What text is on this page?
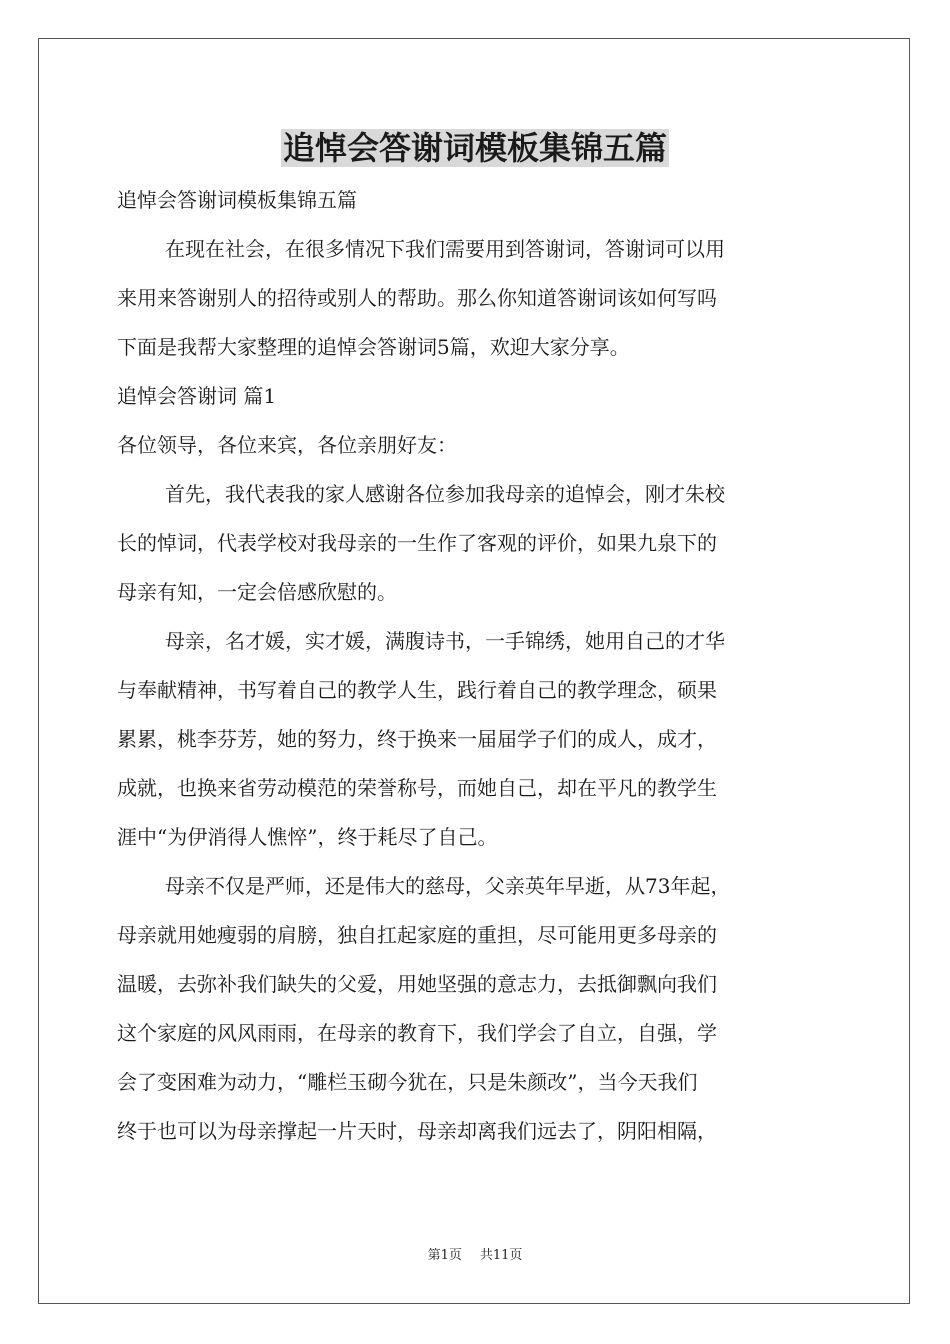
追悼会答谢词模板集锦五篇
追悼会答谢词模板集锦五篇
在现在社会，在很多情况下我们需要用到答谢词，答谢词可以用
来用来答谢别人的招待或别人的帮助。那么你知道答谢词该如何写吗
下面是我帮大家整理的追悼会答谢词5篇，欢迎大家分享。
追悼会答谢词 篇1
各位领导，各位来宾，各位亲朋好友：
首先，我代表我的家人感谢各位参加我母亲的追悼会，刚才朱校
长的悼词，代表学校对我母亲的一生作了客观的评价，如果九泉下的
母亲有知，一定会倍感欣慰的。
母亲，名才媛，实才媛，满腹诗书，一手锦绣，她用自己的才华
与奉献精神，书写着自己的教学人生，践行着自己的教学理念，硕果
累累，桃李芬芳，她的努力，终于换来一届届学子们的成人，成才，
成就，也换来省劳动模范的荣誉称号，而她自己，却在平凡的教学生
涯中“为伊消得人憔悴”，终于耗尽了自己。
母亲不仅是严师，还是伟大的慈母，父亲英年早逝，从73年起，
母亲就用她瘦弱的肩膀，独自扛起家庭的重担，尽可能用更多母亲的
温暖，去弥补我们缺失的父爱，用她坚强的意志力，去抵御飘向我们
这个家庭的风风雨雨，在母亲的教育下，我们学会了自立，自强，学
会了变困难为动力，“雕栏玉砌今犹在，只是朱颜改”，当今天我们
终于也可以为母亲撑起一片天时，母亲却离我们远去了，阴阳相隔，
第1页 共11页
